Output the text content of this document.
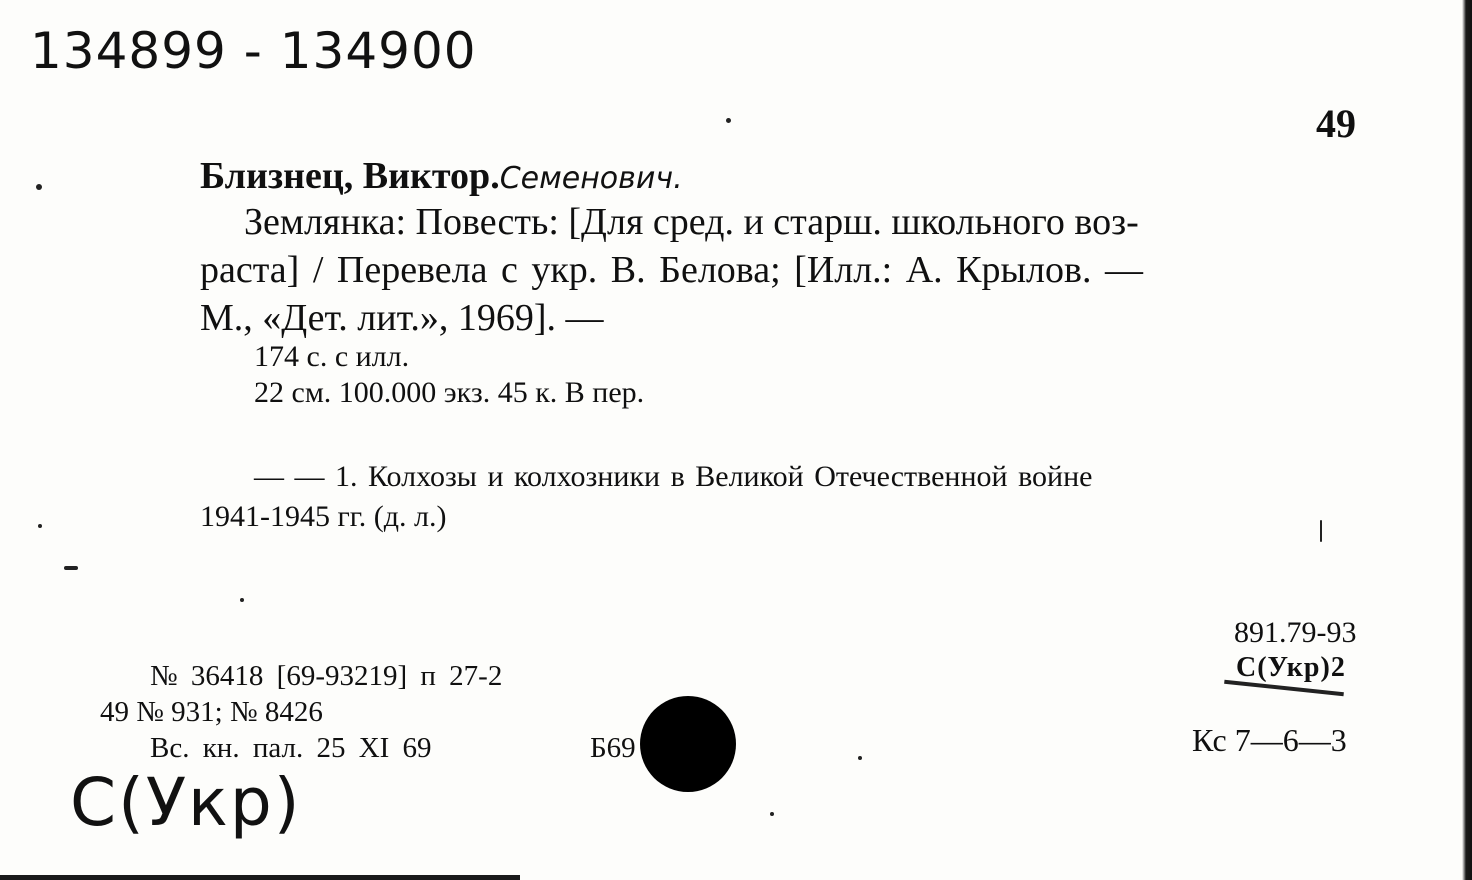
134899 - 134900
49
Близнец, Виктор.Семенович.
Землянка: Повесть: [Для сред. и старш. школьного воз-
раста] / Перевела с укр. В. Белова; [Илл.: А. Крылов. —
М., «Дет. лит.», 1969]. —
174 с. с илл.
22 см. 100.000 экз. 45 к. В пер.
— — 1. Колхозы и колхозники в Великой Отечественной войне
1941-1945 гг. (д. л.)
№ 36418 [69-93219] п 27-2
49 № 931; № 8426
Вс. кн. пал. 25 XI 69	Б69
891.79-93
С(Укр)2
Кс 7—6—3
С(Укр)
